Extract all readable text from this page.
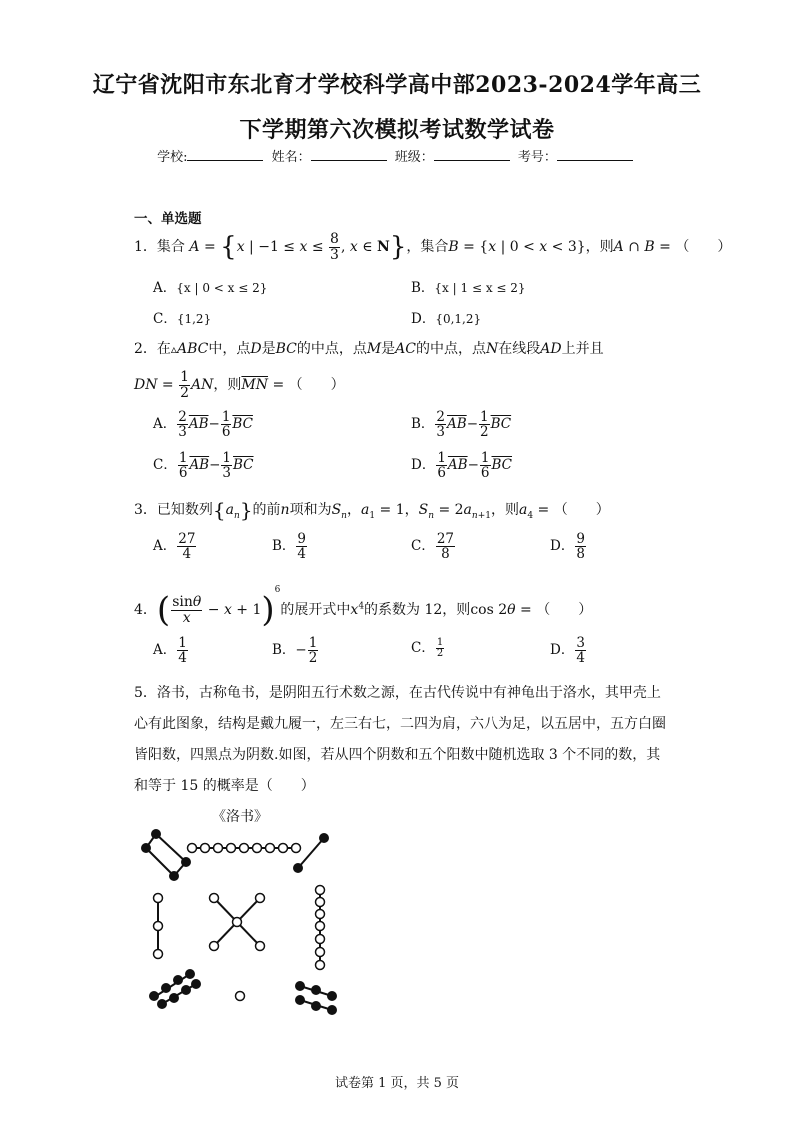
辽宁省沈阳市东北育才学校科学高中部2023-2024学年高三
下学期第六次模拟考试数学试卷
学校:	姓名：	班级：	考号：
一、单选题
1．集合 A = {x | $-1 \le x \le \frac{8}{3}$ , x ∈ N}，集合B = {x | 0 < x < 3}，则A ∩ B = （　　）
A．{x | 0 < x ≤ 2}	B．{x | 1 ≤ x ≤ 2}
C．{1,2}	D．{0,1,2}
2．在▵ABC中，点D是BC的中点，点M是AC的中点，点N在线段AD上并且
DN = $\frac{1}{2}$ AN，则$\overline{MN}$ = （　　）
A． $\frac{2}{3} \overline{AB}- \frac{1}{6} \overline{BC}$	B． $\frac{2}{3} \overline{AB}- \frac{1}{2} \overline{BC}$
C． $\frac{1}{6} \overline{AB}- \frac{1}{3} \overline{BC}$	D． $\frac{1}{6} \overline{AB}- \frac{1}{6} \overline{BC}$
3．已知数列$\{a_n\}$的前n项和为$S_n$，$a_1 = 1$，$S_n = 2a_{n+1}$，则$a_4$ = （　　）
A． $\frac{27}{4}$	B． $\frac{9}{4}$	C． $\frac{27}{8}$	D． $\frac{9}{8}$
4．( $\frac{\sin\theta}{x} - x + 1)^6$的展开式中$x^4$的系数为 12，则cos 2θ = （　　）
A． $\frac{1}{4}$	B．− $\frac{1}{2}$	C． $\frac{1}{2}$	D． $\frac{3}{4}$
5．洛书，古称龟书，是阴阳五行术数之源，在古代传说中有神龟出于洛水，其甲壳上
心有此图象，结构是戴九履一，左三右七，二四为肩，六八为足，以五居中，五方白圈
皆阳数，四黑点为阴数.如图，若从四个阴数和五个阳数中随机选取 3 个不同的数，其
和等于 15 的概率是（　　）
《洛书》
试卷第 1 页，共 5 页
